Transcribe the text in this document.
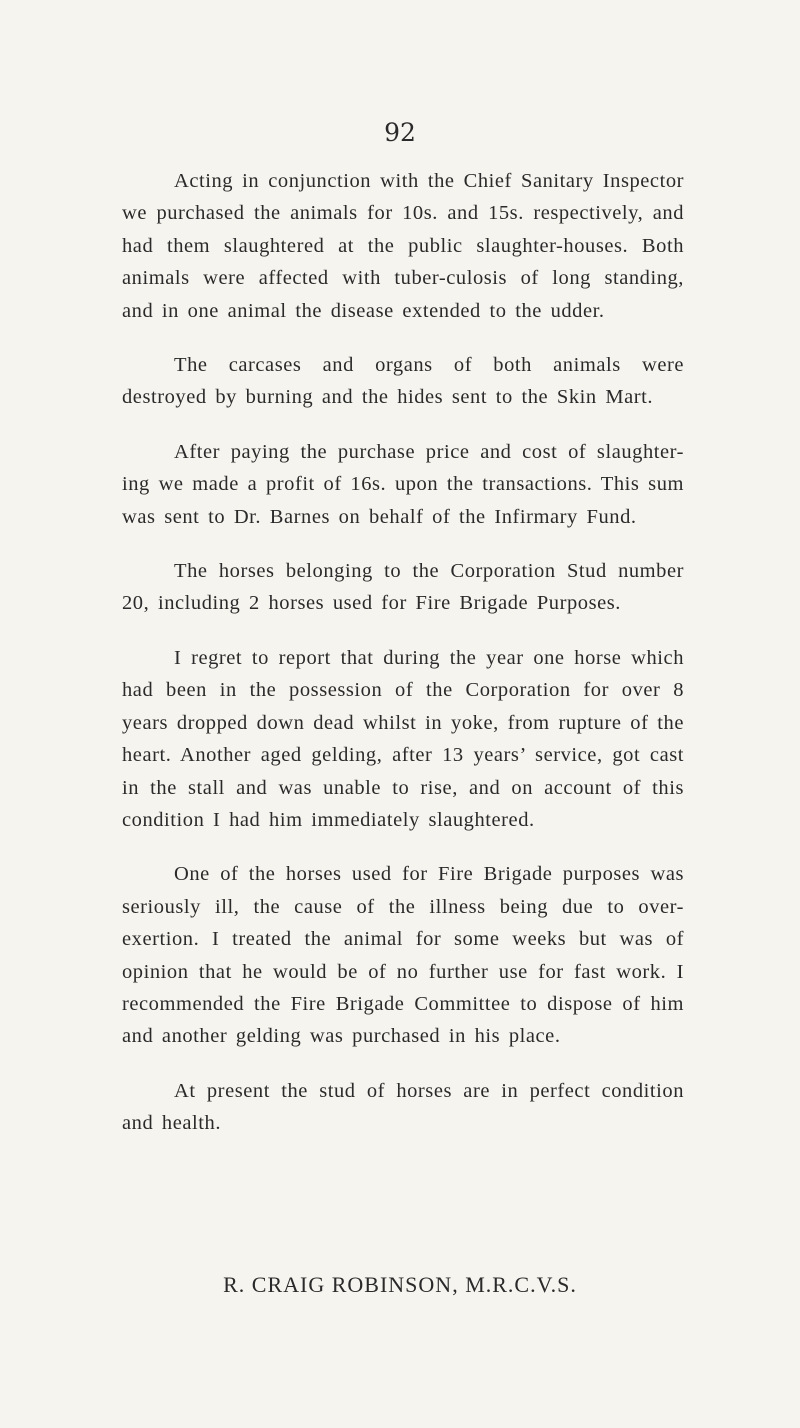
92

Acting in conjunction with the Chief Sanitary Inspector we purchased the animals for 10s. and 15s. respectively, and had them slaughtered at the public slaughter-houses. Both animals were affected with tuber-culosis of long standing, and in one animal the disease extended to the udder.

The carcases and organs of both animals were destroyed by burning and the hides sent to the Skin Mart.

After paying the purchase price and cost of slaughter-ing we made a profit of 16s. upon the transactions. This sum was sent to Dr. Barnes on behalf of the Infirmary Fund.

The horses belonging to the Corporation Stud number 20, including 2 horses used for Fire Brigade Purposes.

I regret to report that during the year one horse which had been in the possession of the Corporation for over 8 years dropped down dead whilst in yoke, from rupture of the heart. Another aged gelding, after 13 years’ service, got cast in the stall and was unable to rise, and on account of this condition I had him immediately slaughtered.

One of the horses used for Fire Brigade purposes was seriously ill, the cause of the illness being due to over-exertion. I treated the animal for some weeks but was of opinion that he would be of no further use for fast work. I recommended the Fire Brigade Committee to dispose of him and another gelding was purchased in his place.

At present the stud of horses are in perfect condition and health.

R. CRAIG ROBINSON, M.R.C.V.S.
